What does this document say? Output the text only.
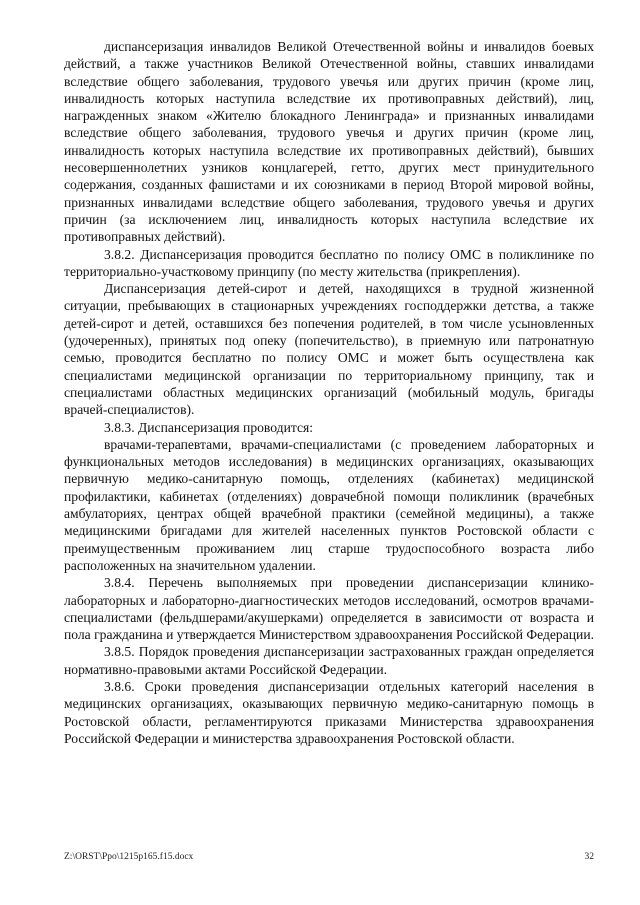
диспансеризация инвалидов Великой Отечественной войны и инвалидов боевых действий, а также участников Великой Отечественной войны, ставших инвалидами вследствие общего заболевания, трудового увечья или других причин (кроме лиц, инвалидность которых наступила вследствие их противоправных действий), лиц, награжденных знаком «Жителю блокадного Ленинграда» и признанных инвалидами вследствие общего заболевания, трудового увечья и других причин (кроме лиц, инвалидность которых наступила вследствие их противоправных действий), бывших несовершеннолетних узников концлагерей, гетто, других мест принудительного содержания, созданных фашистами и их союзниками в период Второй мировой войны, признанных инвалидами вследствие общего заболевания, трудового увечья и других причин (за исключением лиц, инвалидность которых наступила вследствие их противоправных действий).

3.8.2. Диспансеризация проводится бесплатно по полису ОМС в поликлинике по территориально-участковому принципу (по месту жительства (прикрепления).

Диспансеризация детей-сирот и детей, находящихся в трудной жизненной ситуации, пребывающих в стационарных учреждениях господдержки детства, а также детей-сирот и детей, оставшихся без попечения родителей, в том числе усыновленных (удочеренных), принятых под опеку (попечительство), в приемную или патронатную семью, проводится бесплатно по полису ОМС и может быть осуществлена как специалистами медицинской организации по территориальному принципу, так и специалистами областных медицинских организаций (мобильный модуль, бригады врачей-специалистов).

3.8.3. Диспансеризация проводится:

врачами-терапевтами, врачами-специалистами (с проведением лабораторных и функциональных методов исследования) в медицинских организациях, оказывающих первичную медико-санитарную помощь, отделениях (кабинетах) медицинской профилактики, кабинетах (отделениях) доврачебной помощи поликлиник (врачебных амбулаториях, центрах общей врачебной практики (семейной медицины), а также медицинскими бригадами для жителей населенных пунктов Ростовской области с преимущественным проживанием лиц старше трудоспособного возраста либо расположенных на значительном удалении.

3.8.4. Перечень выполняемых при проведении диспансеризации клинико-лабораторных и лабораторно-диагностических методов исследований, осмотров врачами-специалистами (фельдшерами/акушерками) определяется в зависимости от возраста и пола гражданина и утверждается Министерством здравоохранения Российской Федерации.

3.8.5. Порядок проведения диспансеризации застрахованных граждан определяется нормативно-правовыми актами Российской Федерации.

3.8.6. Сроки проведения диспансеризации отдельных категорий населения в медицинских организациях, оказывающих первичную медико-санитарную помощь в Ростовской области, регламентируются приказами Министерства здравоохранения Российской Федерации и министерства здравоохранения Ростовской области.

Z:\ORST\Ppo\1215p165.f15.docx	32
